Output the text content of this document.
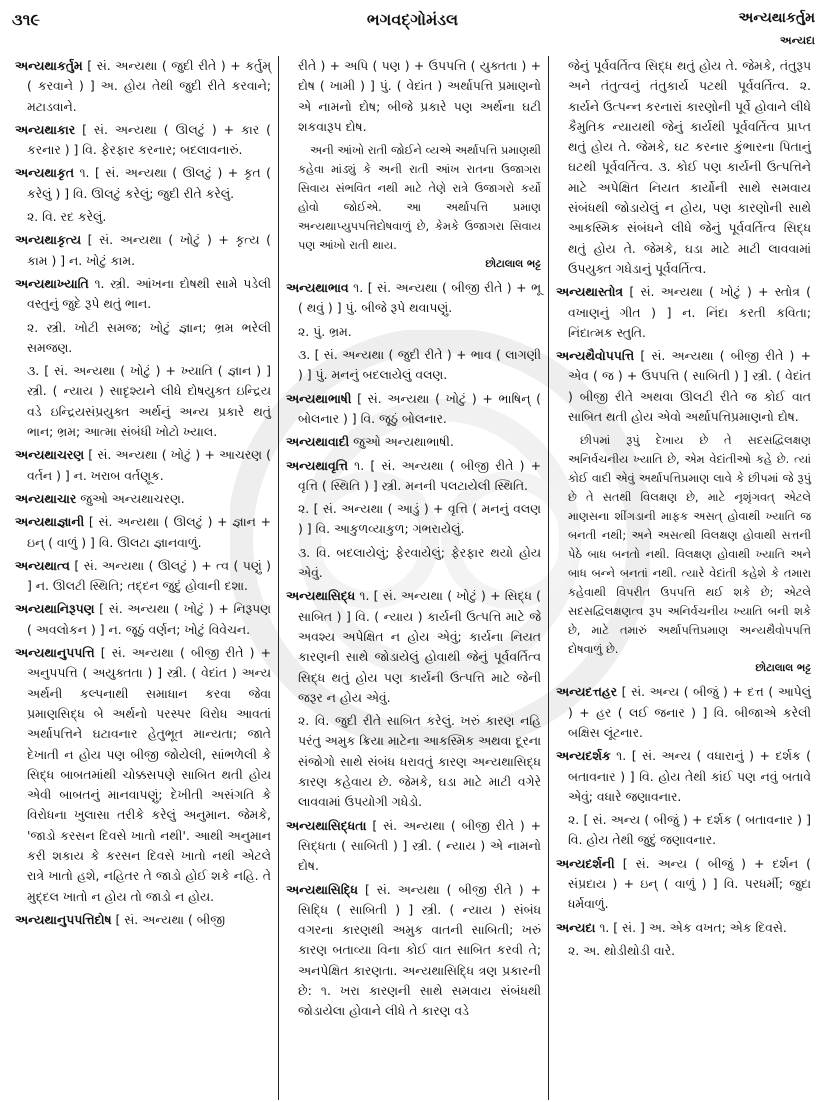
૩૧૯	ભગવદ્ગોમંડલ	અન્યથાકર્તુમ
અન્યદા

અન્યથાકર્તુમ [ સં. અન્યથા ( જુદી રીતે ) + કર્તુમ્ ( કરવાને ) ] અ. હોય તેથી જુદી રીતે કરવાને; મટાડવાને.

અન્યથાકાર [ સં. અન્યથા ( ઊલટું ) + કાર ( કરનાર ) ] વિ. ફેરફાર કરનાર; બદલાવનારું.

અન્યથાકૃત ૧. [ સં. અન્યથા ( ઊલટું ) + કૃત ( કરેલું ) ] વિ. ઊલટું કરેલું; જુદી રીતે કરેલું.

૨. વિ. રદ કરેલું.

અન્યથાકૃત્ય [ સં. અન્યથા ( ખોટું ) + કૃત્ય ( કામ ) ] ન. ખોટું કામ.

અન્યથાખ્યાતિ ૧. સ્ત્રી. આંખના દોષથી સામે પડેલી વસ્તુનું જુદે રૂપે થતું ભાન.

૨. સ્ત્રી. ખોટી સમજ; ખોટું જ્ઞાન; ભ્રમ ભરેલી સમજણ.

૩. [ સં. અન્યથા ( ખોટું ) + ખ્યાતિ ( જ્ઞાન ) ] સ્ત્રી. ( ન્યાય ) સાદૃશ્યને લીધે દોષયુક્ત ઇન્દ્રિય વડે ઇન્દ્રિયસંપ્રયુક્ત અર્થનું અન્ય પ્રકારે થતું ભાન; ભ્રમ; આત્મા સંબંધી ખોટો ખ્યાલ.

અન્યથાચરણ [ સં. અન્યથા ( ખોટું ) + આચરણ ( વર્તન ) ] ન. ખરાબ વર્તણૂક.

અન્યથાચાર જુઓ અન્યથાચરણ.

અન્યથાજ્ઞાની [ સં. અન્યથા ( ઊલટું ) + જ્ઞાન + ઇન્ ( વાળું ) ] વિ. ઊલટા જ્ઞાનવાળું.

અન્યથાત્વ [ સં. અન્યથા ( ઊલટું ) + ત્વ ( પણું ) ] ન. ઊલટી સ્થિતિ; તદ્દન જુદું હોવાની દશા.

અન્યથાનિરૂપણ [ સં. અન્યથા ( ખોટું ) + નિરૂપણ ( અવલોકન ) ] ન. જૂઠું વર્ણન; ખોટું વિવેચન.

અન્યથાનુપપત્તિ [ સં. અન્યથા ( બીજી રીતે ) + અનુપપત્તિ ( અયુક્તતા ) ] સ્ત્રી. ( વેદાંત ) અન્ય અર્થની કલ્પનાથી સમાધાન કરવા જેવા પ્રમાણસિદ્ધ બે અર્થનો પરસ્પર વિરોધ આવતાં અર્થાપત્તિને ઘટાવનાર હેતુભૂત માન્યતા; જાતે દેખાતી ન હોય પણ બીજી જોયેલી, સાંભળેલી કે સિદ્ધ બાબતમાંથી ચોક્કસપણે સાબિત થતી હોય એવી બાબતનું માનવાપણું; દેખીતી અસંગતિ કે વિરોધના ખુલાસા તરીકે કરેલું અનુમાન. જેમકે, 'જાડો કરસન દિવસે ખાતો નથી'. આથી અનુમાન કરી શકાય કે કરસન દિવસે ખાતો નથી એટલે રાત્રે ખાતો હશે, નહિતર તે જાડો હોઈ શકે નહિ. તે મુદ્દલ ખાતો ન હોય તો જાડો ન હોય.

અન્યથાનુપપત્તિદોષ [ સં. અન્યથા ( બીજી

રીતે ) + અપિ ( પણ ) + ઉપપત્તિ ( યુક્તતા ) + દોષ ( ખામી ) ] પું. ( વેદાંત ) અર્થાપત્તિ પ્રમાણનો એ નામનો દોષ; બીજે પ્રકારે પણ અર્થના ઘટી શકવારૂપ દોષ.

અની આંખો રાતી જોઈને વ્યએ અર્થાપત્તિ પ્રમાણથી કહેવા માંડ્યું કે અની રાતી આંખ રાતના ઉજાગરા સિવાય સંભવિત નથી માટે તેણે રાત્રે ઉજાગરો કર્યો હોવો જોઈએ. આ અર્થાપત્તિ પ્રમાણ અન્યથાપ્યુપપત્તિદોષવાળું છે, કેમકે ઉજાગરા સિવાય પણ આંખો રાતી થાય.
છોટાલાલ ભટ્ટ

અન્યથાભાવ ૧. [ સં. અન્યથા ( બીજી રીતે ) + ભૂ ( થવું ) ] પું. બીજે રૂપે થવાપણું.

૨. પું. ભ્રમ.

૩. [ સં. અન્યથા ( જુદી રીતે ) + ભાવ ( લાગણી ) ] પું. મનનું બદલાયેલું વલણ.

અન્યથાભાષી [ સં. અન્યથા ( ખોટું ) + ભાષિન્ ( બોલનાર ) ] વિ. જૂઠું બોલનાર.

અન્યથાવાદી જુઓ અન્યથાભાષી.

અન્યથાવૃત્તિ ૧. [ સં. અન્યથા ( બીજી રીતે ) + વૃત્તિ ( સ્થિતિ ) ] સ્ત્રી. મનની પલટાયેલી સ્થિતિ.

૨. [ સં. અન્યથા ( આડું ) + વૃત્તિ ( મનનું વલણ ) ] વિ. આકુળવ્યાકુળ; ગભરાયેલું.

૩. વિ. બદલાયેલું; ફેરવાયેલું; ફેરફાર થયો હોય એવું.

અન્યથાસિદ્ધ ૧. [ સં. અન્યથા ( ખોટું ) + સિદ્ધ ( સાબિત ) ] વિ. ( ન્યાય ) કાર્યની ઉત્પત્તિ માટે જે અવશ્ય અપેક્ષિત ન હોય એવું; કાર્યના નિયત કારણની સાથે જોડાયેલું હોવાથી જેનું પૂર્વવર્તિત્વ સિદ્ધ થતું હોય પણ કાર્યની ઉત્પત્તિ માટે જેની જરૂર ન હોય એવું.

૨. વિ. જુદી રીતે સાબિત કરેલું. ખરું કારણ નહિ પરંતુ અમુક ક્રિયા માટેના આકસ્મિક અથવા દૂરના સંજોગો સાથે સંબંધ ધરાવતું કારણ અન્યથાસિદ્ધ કારણ કહેવાય છે. જેમકે, ઘડા માટે માટી વગેરે લાવવામાં ઉપયોગી ગધેડો.

અન્યથાસિદ્ધતા [ સં. અન્યથા ( બીજી રીતે ) + સિદ્ધતા ( સાબિતી ) ] સ્ત્રી. ( ન્યાય ) એ નામનો દોષ.

અન્યથાસિદ્ધિ [ સં. અન્યથા ( બીજી રીતે ) + સિદ્ધિ ( સાબિતી ) ] સ્ત્રી. ( ન્યાય ) સંબંધ વગરના કારણથી અમુક વાતની સાબિતી; ખરું કારણ બતાવ્યા વિના કોઈ વાત સાબિત કરવી તે; અનપેક્ષિત કારણતા. અન્યથાસિદ્ધિ ત્રણ પ્રકારની છે: ૧. ખરા કારણની સાથે સમવાય સંબંધથી જોડાયેલા હોવાને લીધે તે કારણ વડે

જેનું પૂર્વવર્તિત્વ સિદ્ધ થતું હોય તે. જેમકે, તંતુરૂપ અને તંતુત્વનું તંતુકાર્ય પટથી પૂર્વવર્તિત્વ. ૨. કાર્યને ઉત્પન્ન કરનારાં કારણોની પૂર્વે હોવાને લીધે કૈમુતિક ન્યાયથી જેનું કાર્યથી પૂર્વવર્તિત્વ પ્રાપ્ત થતું હોય તે. જેમકે, ઘટ કરનાર કુંભારના પિતાનું ઘટથી પૂર્વવર્તિત્વ. ૩. કોઈ પણ કાર્યની ઉત્પત્તિને માટે અપેક્ષિત નિયત કાર્યોની સાથે સમવાય સંબંધથી જોડાયેલું ન હોય, પણ કારણોની સાથે આકસ્મિક સંબંધને લીધે જેનું પૂર્વવર્તિત્વ સિદ્ધ થતું હોય તે. જેમકે, ઘડા માટે માટી લાવવામાં ઉપયુક્ત ગધેડાનું પૂર્વવર્તિત્વ.

અન્યથાસ્તોત્ર [ સં. અન્યથા ( ખોટું ) + સ્તોત્ર ( વખાણનું ગીત ) ] ન. નિંદા કરતી કવિતા; નિંદાત્મક સ્તુતિ.

અન્યથૈવોપપત્તિ [ સં. અન્યથા ( બીજી રીતે ) + એવ ( જ ) + ઉપપત્તિ ( સાબિતી ) ] સ્ત્રી. ( વેદાંત ) બીજી રીતે અથવા ઊલટી રીતે જ કોઈ વાત સાબિત થતી હોય એવો અર્થાપત્તિપ્રમાણનો દોષ.

છીપમાં રૂપું દેખાય છે તે સદસદ્વિલક્ષણ અનિર્વચનીય ખ્યાતિ છે, એમ વેદાંતીઓ કહે છે. ત્યાં કોઈ વાદી એવું અર્થાપત્તિપ્રમાણ લાવે કે છીપમાં જે રૂપું છે તે સતથી વિલક્ષણ છે, માટે નૃશૃંગવત્ એટલે માણસના શીંગડાની માફક અસત્ હોવાથી ખ્યાતિ જ બનતી નથી; અને અસત્થી વિલક્ષણ હોવાથી સત્તની પેઠે બાધ બનતો નથી. વિલક્ષણ હોવાથી ખ્યાતિ અને બાધ બન્ને બનતાં નથી. ત્યારે વેદાંતી કહેશે કે તમારા કહેવાથી વિપરીત ઉપપત્તિ થઈ શકે છે; એટલે સદસદ્વિલક્ષણત્વ રૂપ અનિર્વચનીય ખ્યાતિ બની શકે છે, માટે તમારું અર્થાપત્તિપ્રમાણ અન્યથૈવોપપત્તિ દોષવાળું છે.
છોટાલાલ ભટ્ટ

અન્યદત્તહર [ સં. અન્ય ( બીજું ) + દત્ત ( આપેલું ) + હર ( લઈ જનાર ) ] વિ. બીજાએ કરેલી બક્ષિસ લૂંટનાર.

અન્યદર્શક ૧. [ સં. અન્ય ( વધારાનું ) + દર્શક ( બતાવનાર ) ] વિ. હોય તેથી કાંઈ પણ નવું બતાવે એવું; વધારે જણાવનાર.

૨. [ સં. અન્ય ( બીજું ) + દર્શક ( બતાવનાર ) ] વિ. હોય તેથી જુદું જણાવનાર.

અન્યદર્શની [ સં. અન્ય ( બીજું ) + દર્શન ( સંપ્રદાય ) + ઇન્ ( વાળું ) ] વિ. પરધર્મી; જુદા ધર્મવાળું.

અન્યદા ૧. [ સં. ] અ. એક વખત; એક દિવસે.

૨. અ. થોડીથોડી વારે.
